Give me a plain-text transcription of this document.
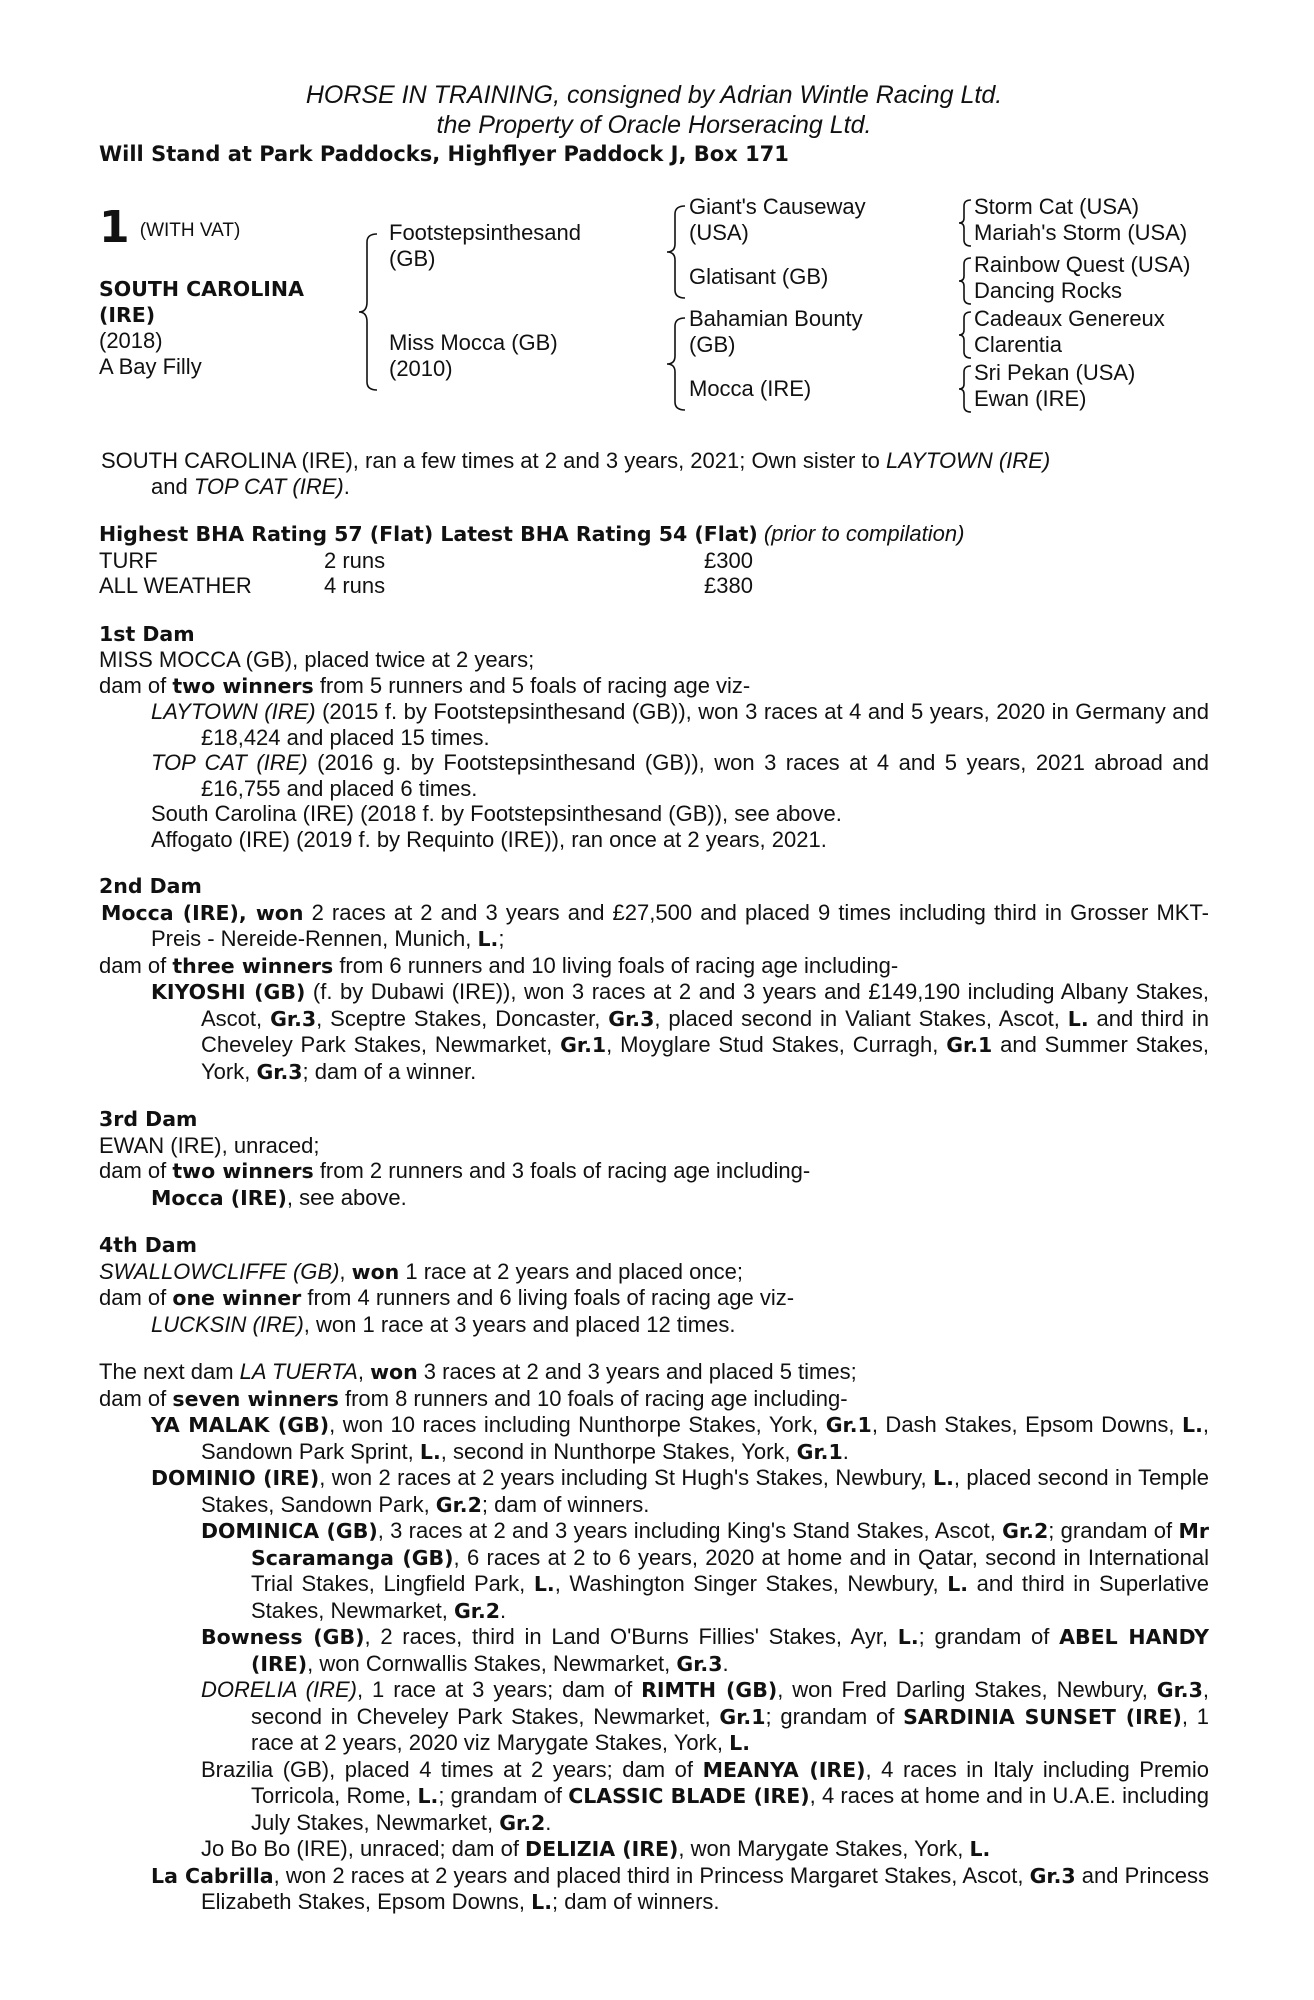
HORSE IN TRAINING, consigned by Adrian Wintle Racing Ltd.
the Property of Oracle Horseracing Ltd.
Will Stand at Park Paddocks, Highflyer Paddock J, Box 171
1 (WITH VAT)
SOUTH CAROLINA
(IRE)
(2018)
A Bay Filly
Footstepsinthesand
(GB)
Miss Mocca (GB)
(2010)
Giant's Causeway
(USA)
Glatisant (GB)
Bahamian Bounty
(GB)
Mocca (IRE)
Storm Cat (USA)
Mariah's Storm (USA)
Rainbow Quest (USA)
Dancing Rocks
Cadeaux Genereux
Clarentia
Sri Pekan (USA)
Ewan (IRE)
SOUTH CAROLINA (IRE), ran a few times at 2 and 3 years, 2021; Own sister to LAYTOWN (IRE)
and TOP CAT (IRE).
Highest BHA Rating 57 (Flat) Latest BHA Rating 54 (Flat) (prior to compilation)
TURF	2 runs	£300
ALL WEATHER	4 runs	£380
1st Dam
MISS MOCCA (GB), placed twice at 2 years;
dam of two winners from 5 runners and 5 foals of racing age viz-
LAYTOWN (IRE) (2015 f. by Footstepsinthesand (GB)), won 3 races at 4 and 5 years, 2020 in Germany and £18,424 and placed 15 times.
TOP CAT (IRE) (2016 g. by Footstepsinthesand (GB)), won 3 races at 4 and 5 years, 2021 abroad and £16,755 and placed 6 times.
South Carolina (IRE) (2018 f. by Footstepsinthesand (GB)), see above.
Affogato (IRE) (2019 f. by Requinto (IRE)), ran once at 2 years, 2021.
2nd Dam
Mocca (IRE), won 2 races at 2 and 3 years and £27,500 and placed 9 times including third in Grosser MKT-Preis - Nereide-Rennen, Munich, L.;
dam of three winners from 6 runners and 10 living foals of racing age including-
KIYOSHI (GB) (f. by Dubawi (IRE)), won 3 races at 2 and 3 years and £149,190 including Albany Stakes, Ascot, Gr.3, Sceptre Stakes, Doncaster, Gr.3, placed second in Valiant Stakes, Ascot, L. and third in Cheveley Park Stakes, Newmarket, Gr.1, Moyglare Stud Stakes, Curragh, Gr.1 and Summer Stakes, York, Gr.3; dam of a winner.
3rd Dam
EWAN (IRE), unraced;
dam of two winners from 2 runners and 3 foals of racing age including-
Mocca (IRE), see above.
4th Dam
SWALLOWCLIFFE (GB), won 1 race at 2 years and placed once;
dam of one winner from 4 runners and 6 living foals of racing age viz-
LUCKSIN (IRE), won 1 race at 3 years and placed 12 times.
The next dam LA TUERTA, won 3 races at 2 and 3 years and placed 5 times;
dam of seven winners from 8 runners and 10 foals of racing age including-
YA MALAK (GB), won 10 races including Nunthorpe Stakes, York, Gr.1, Dash Stakes, Epsom Downs, L., Sandown Park Sprint, L., second in Nunthorpe Stakes, York, Gr.1.
DOMINIO (IRE), won 2 races at 2 years including St Hugh's Stakes, Newbury, L., placed second in Temple Stakes, Sandown Park, Gr.2; dam of winners.
DOMINICA (GB), 3 races at 2 and 3 years including King's Stand Stakes, Ascot, Gr.2; grandam of Mr Scaramanga (GB), 6 races at 2 to 6 years, 2020 at home and in Qatar, second in International Trial Stakes, Lingfield Park, L., Washington Singer Stakes, Newbury, L. and third in Superlative Stakes, Newmarket, Gr.2.
Bowness (GB), 2 races, third in Land O'Burns Fillies' Stakes, Ayr, L.; grandam of ABEL HANDY (IRE), won Cornwallis Stakes, Newmarket, Gr.3.
DORELIA (IRE), 1 race at 3 years; dam of RIMTH (GB), won Fred Darling Stakes, Newbury, Gr.3, second in Cheveley Park Stakes, Newmarket, Gr.1; grandam of SARDINIA SUNSET (IRE), 1 race at 2 years, 2020 viz Marygate Stakes, York, L.
Brazilia (GB), placed 4 times at 2 years; dam of MEANYA (IRE), 4 races in Italy including Premio Torricola, Rome, L.; grandam of CLASSIC BLADE (IRE), 4 races at home and in U.A.E. including July Stakes, Newmarket, Gr.2.
Jo Bo Bo (IRE), unraced; dam of DELIZIA (IRE), won Marygate Stakes, York, L.
La Cabrilla, won 2 races at 2 years and placed third in Princess Margaret Stakes, Ascot, Gr.3 and Princess Elizabeth Stakes, Epsom Downs, L.; dam of winners.
